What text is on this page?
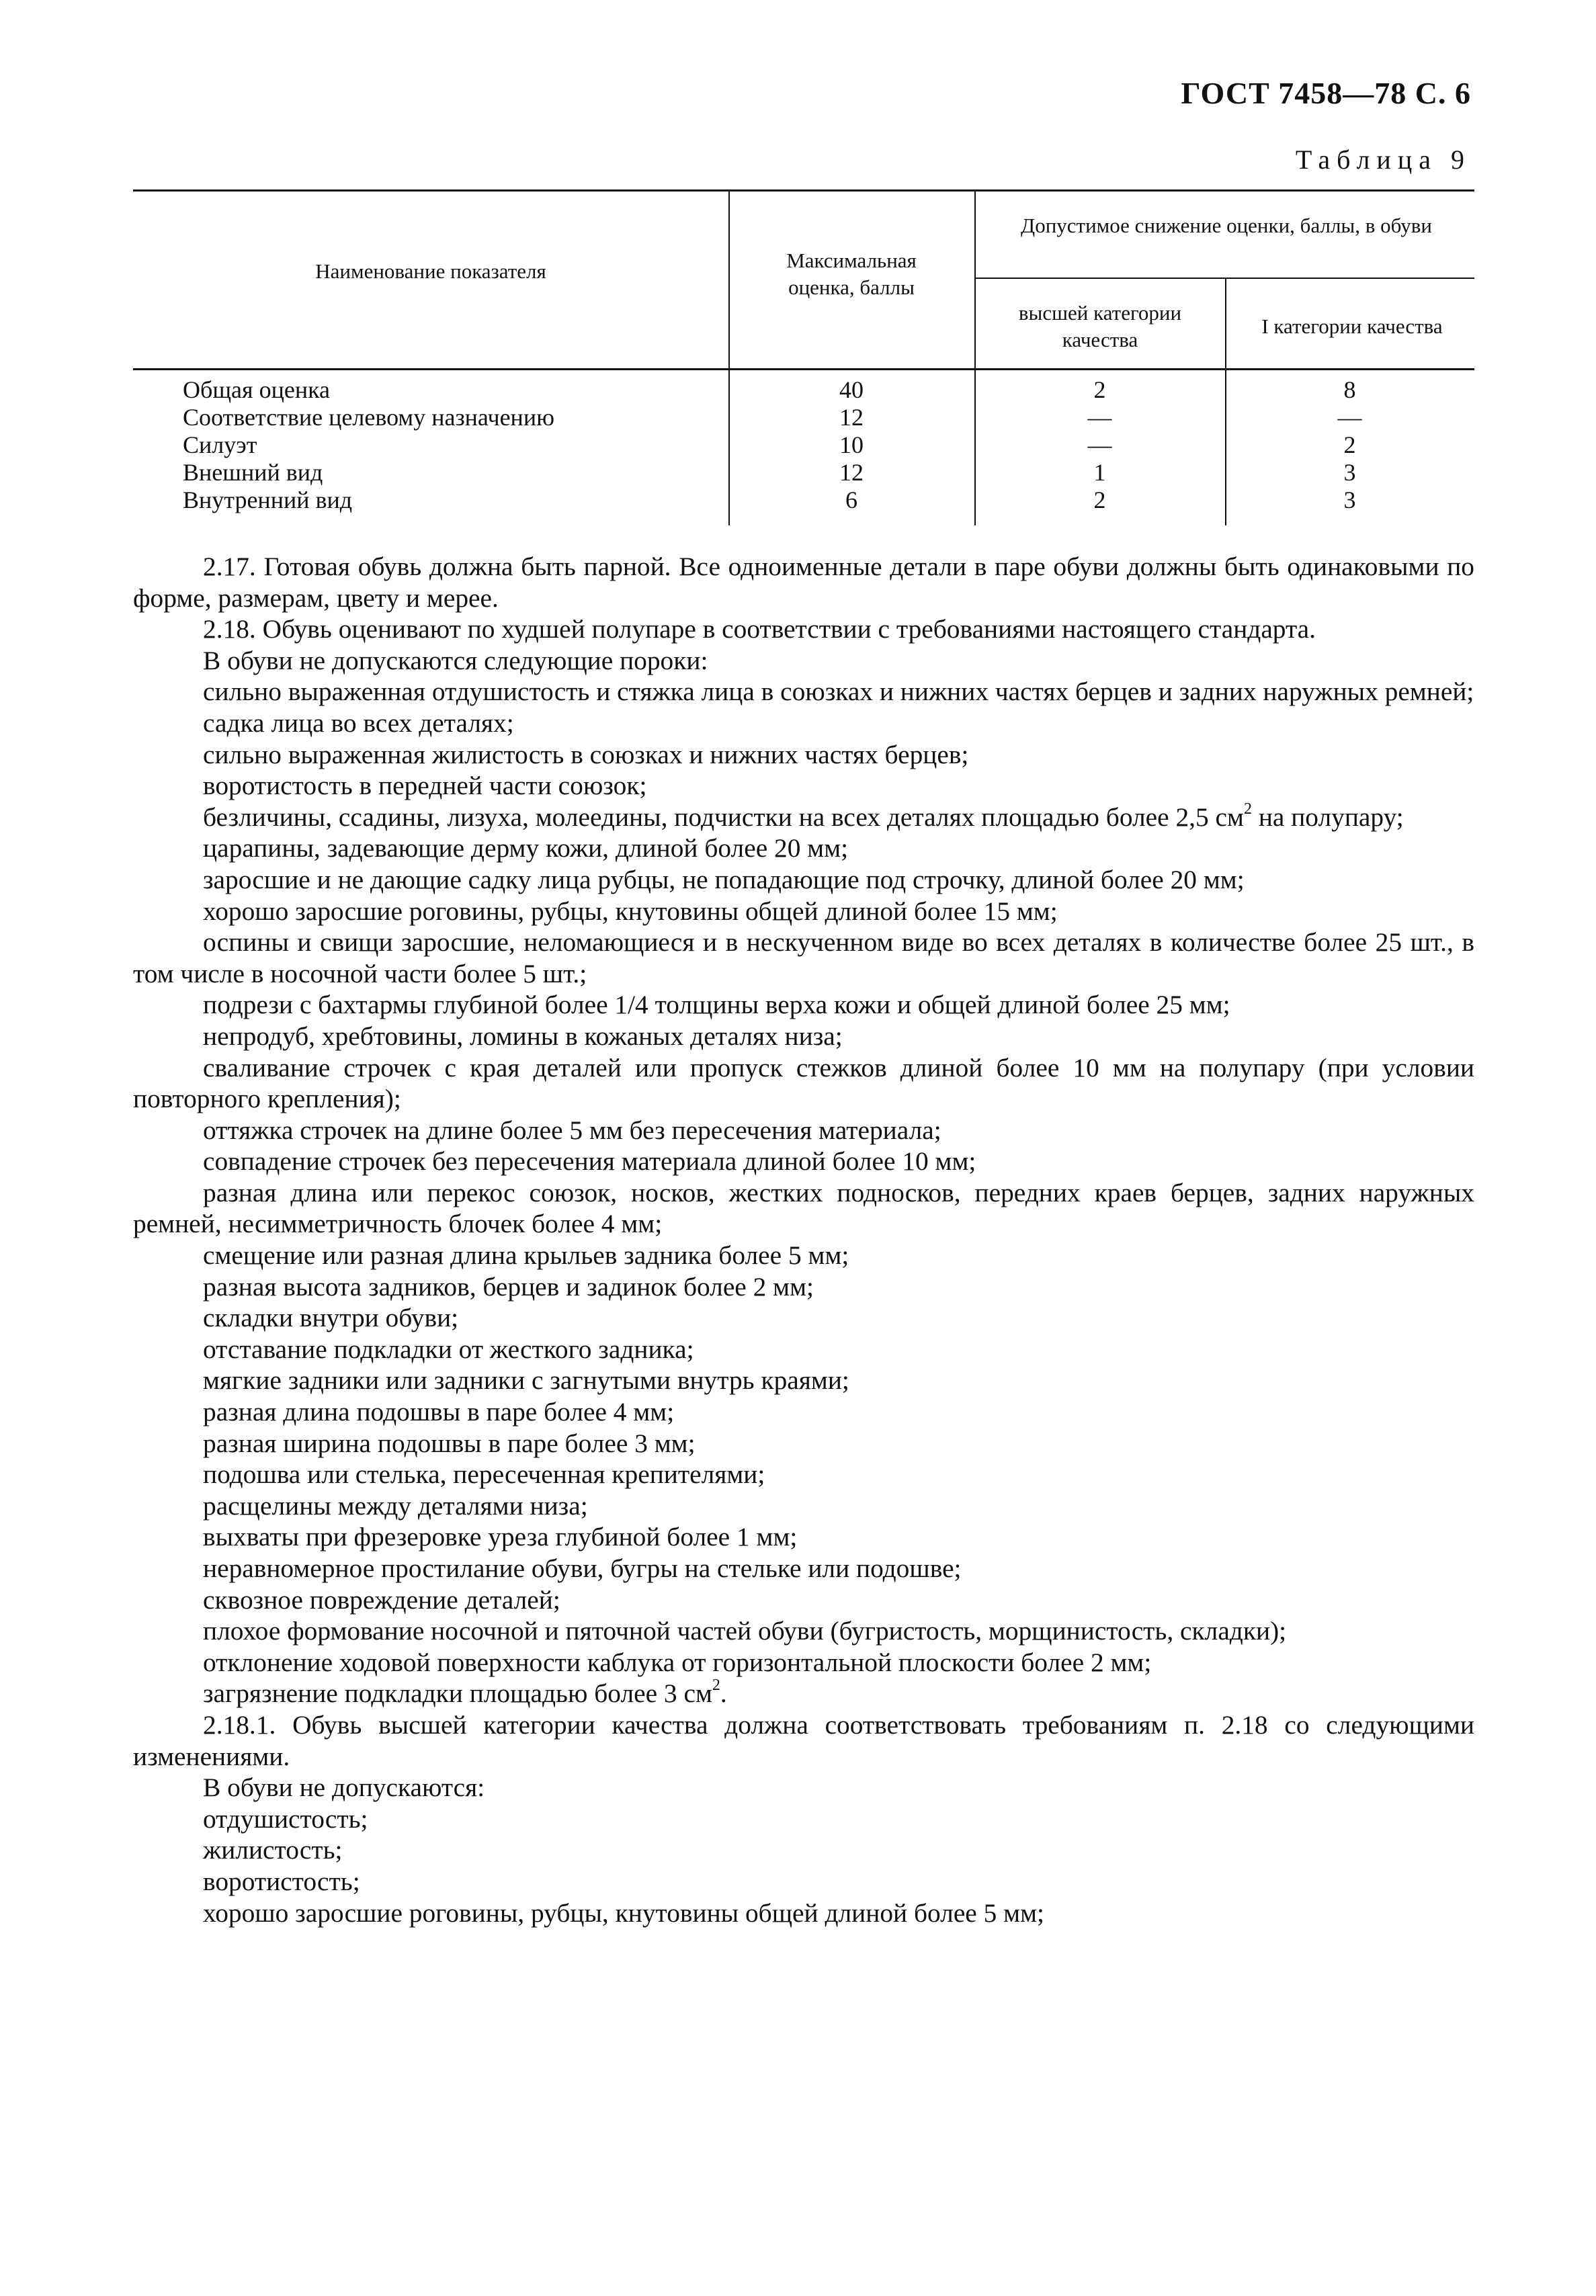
ГОСТ 7458—78 С. 6
Таблица 9
Наименование показателя	Максимальная оценка, баллы
Допустимое снижение оценки, баллы, в обуви
высшей категории качества
I категории качества
Общая оценка	40	2	8
Соответствие целевому назначению	12	—	—
Силуэт	10	—	2
Внешний вид	12	1	3
Внутренний вид	6	2	3

2.17. Готовая обувь должна быть парной. Все одноименные детали в паре обуви должны быть одинаковыми по форме, размерам, цвету и мерее.

2.18. Обувь оценивают по худшей полупаре в соответствии с требованиями настоящего стандарта.

В обуви не допускаются следующие пороки:

сильно выраженная отдушистость и стяжка лица в союзках и нижних частях берцев и задних наружных ремней;

садка лица во всех деталях;

сильно выраженная жилистость в союзках и нижних частях берцев;

воротистость в передней части союзок;

безличины, ссадины, лизуха, молеедины, подчистки на всех деталях площадью более 2,5 $см^2$ на полупару;

царапины, задевающие дерму кожи, длиной более 20 мм;

заросшие и не дающие садку лица рубцы, не попадающие под строчку, длиной более 20 мм;

хорошо заросшие роговины, рубцы, кнутовины общей длиной более 15 мм;

оспины и свищи заросшие, неломающиеся и в нескученном виде во всех деталях в количестве более 25 шт., в том числе в носочной части более 5 шт.;

подрези с бахтармы глубиной более 1/4 толщины верха кожи и общей длиной более 25 мм;

непродуб, хребтовины, ломины в кожаных деталях низа;

сваливание строчек с края деталей или пропуск стежков длиной более 10 мм на полупару (при условии повторного крепления);

оттяжка строчек на длине более 5 мм без пересечения материала;

совпадение строчек без пересечения материала длиной более 10 мм;

разная длина или перекос союзок, носков, жестких подносков, передних краев берцев, задних наружных ремней, несимметричность блочек более 4 мм;

смещение или разная длина крыльев задника более 5 мм;

разная высота задников, берцев и задинок более 2 мм;

складки внутри обуви;

отставание подкладки от жесткого задника;

мягкие задники или задники с загнутыми внутрь краями;

разная длина подошвы в паре более 4 мм;

разная ширина подошвы в паре более 3 мм;

подошва или стелька, пересеченная крепителями;

расщелины между деталями низа;

выхваты при фрезеровке уреза глубиной более 1 мм;

неравномерное простилание обуви, бугры на стельке или подошве;

сквозное повреждение деталей;

плохое формование носочной и пяточной частей обуви (бугристость, морщинистость, складки);

отклонение ходовой поверхности каблука от горизонтальной плоскости более 2 мм;

загрязнение подкладки площадью более 3 $см^2$.

2.18.1. Обувь высшей категории качества должна соответствовать требованиям п. 2.18 со следующими изменениями.

В обуви не допускаются:

отдушистость;

жилистость;

воротистость;

хорошо заросшие роговины, рубцы, кнутовины общей длиной более 5 мм;
